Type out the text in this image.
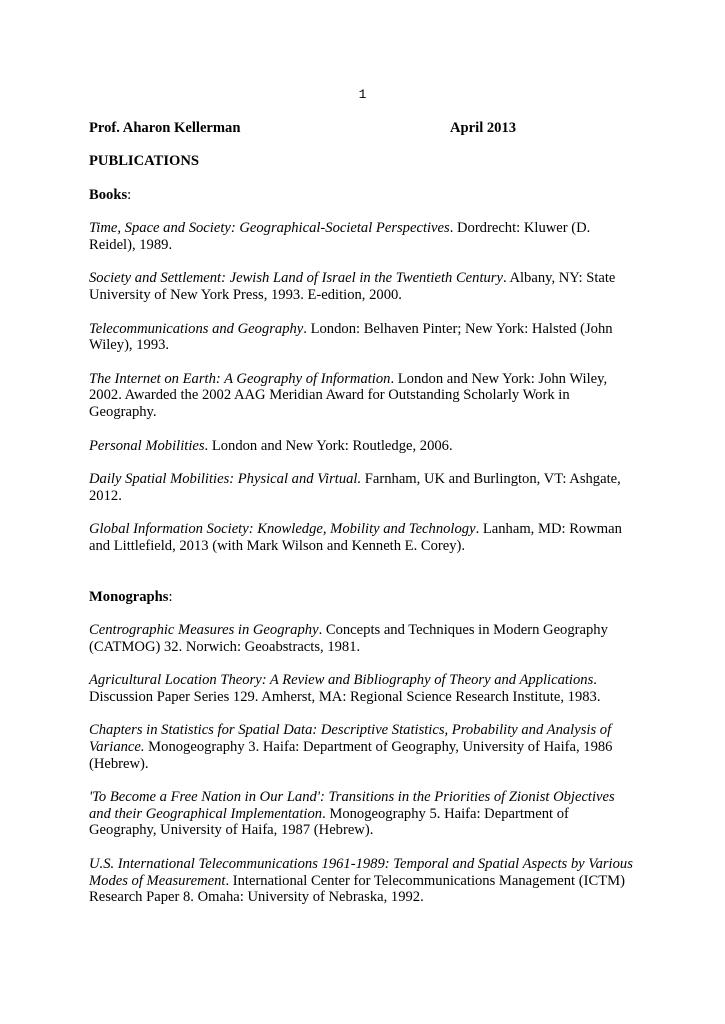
1
Prof. Aharon Kellerman	April 2013
PUBLICATIONS
Books:
Time, Space and Society: Geographical-Societal Perspectives. Dordrecht: Kluwer (D. Reidel), 1989.
Society and Settlement: Jewish Land of Israel in the Twentieth Century. Albany, NY: State University of New York Press, 1993. E-edition, 2000.
Telecommunications and Geography. London: Belhaven Pinter; New York: Halsted (John Wiley), 1993.
The Internet on Earth: A Geography of Information. London and New York: John Wiley, 2002. Awarded the 2002 AAG Meridian Award for Outstanding Scholarly Work in Geography.
Personal Mobilities. London and New York: Routledge, 2006.
Daily Spatial Mobilities: Physical and Virtual. Farnham, UK and Burlington, VT: Ashgate, 2012.
Global Information Society: Knowledge, Mobility and Technology. Lanham, MD: Rowman and Littlefield, 2013 (with Mark Wilson and Kenneth E. Corey).
Monographs:
Centrographic Measures in Geography. Concepts and Techniques in Modern Geography (CATMOG) 32. Norwich: Geoabstracts, 1981.
Agricultural Location Theory: A Review and Bibliography of Theory and Applications. Discussion Paper Series 129. Amherst, MA: Regional Science Research Institute, 1983.
Chapters in Statistics for Spatial Data: Descriptive Statistics, Probability and Analysis of Variance. Monogeography 3. Haifa: Department of Geography, University of Haifa, 1986 (Hebrew).
'To Become a Free Nation in Our Land': Transitions in the Priorities of Zionist Objectives and their Geographical Implementation. Monogeography 5. Haifa: Department of Geography, University of Haifa, 1987 (Hebrew).
U.S. International Telecommunications 1961-1989: Temporal and Spatial Aspects by Various Modes of Measurement. International Center for Telecommunications Management (ICTM) Research Paper 8. Omaha: University of Nebraska, 1992.
